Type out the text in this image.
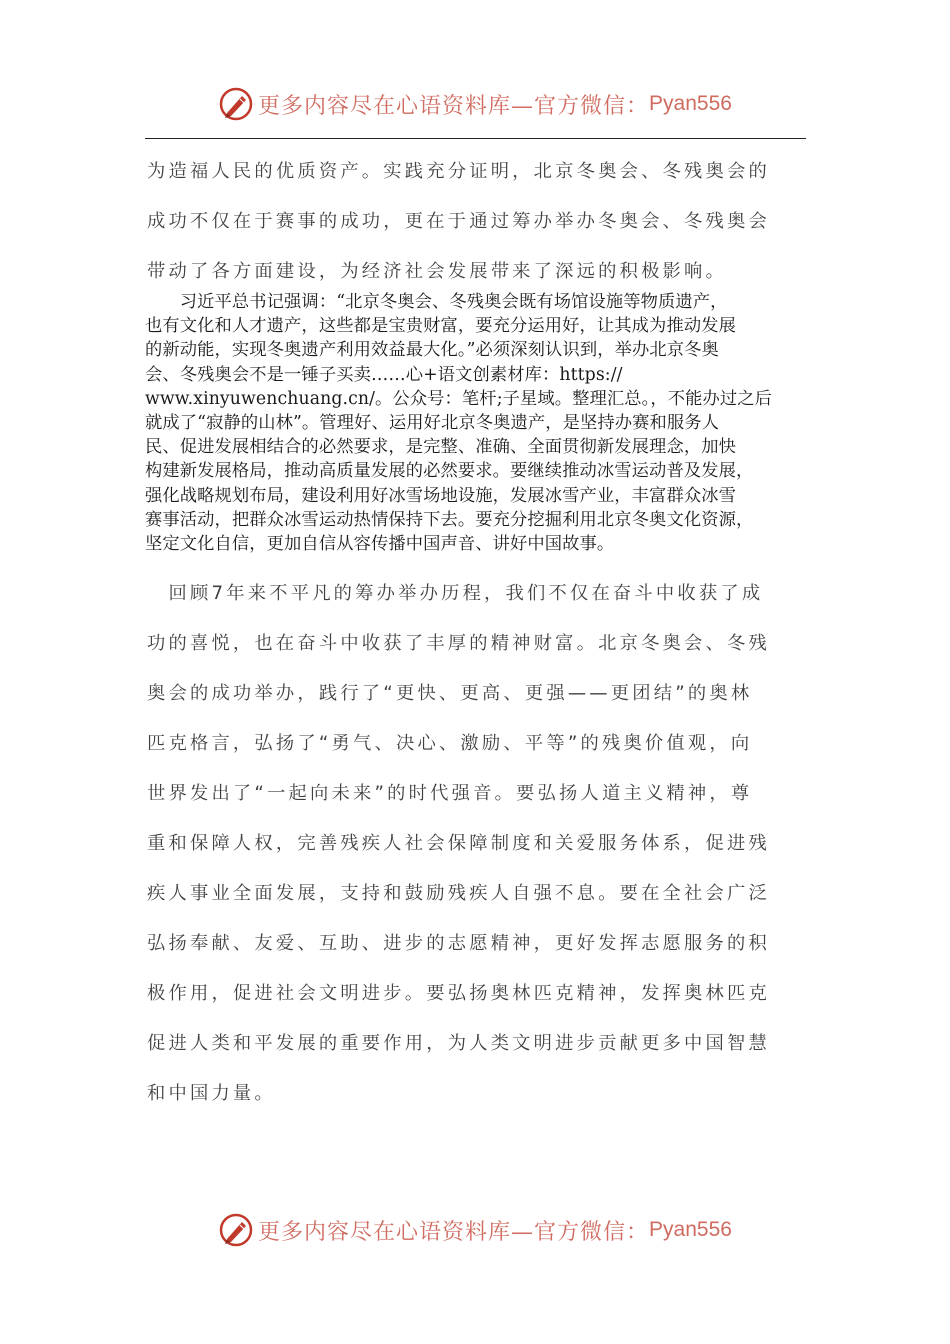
更多内容尽在心语资料库—官方微信： Pyan556
为造福人民的优质资产。实践充分证明，北京冬奥会、冬残奥会的
成功不仅在于赛事的成功，更在于通过筹办举办冬奥会、冬残奥会
带动了各方面建设，为经济社会发展带来了深远的积极影响。
　　习近平总书记强调：“北京冬奥会、冬残奥会既有场馆设施等物质遗产，
也有文化和人才遗产，这些都是宝贵财富，要充分运用好，让其成为推动发展
的新动能，实现冬奥遗产利用效益最大化。”必须深刻认识到，举办北京冬奥
会、冬残奥会不是一锤子买卖……心+语文创素材库：https://
www.xinyuwenchuang.cn/。公众号：笔杆;子星域。整理汇总。，不能办过之后
就成了“寂静的山林”。管理好、运用好北京冬奥遗产，是坚持办赛和服务人
民、促进发展相结合的必然要求，是完整、准确、全面贯彻新发展理念，加快
构建新发展格局，推动高质量发展的必然要求。要继续推动冰雪运动普及发展，
强化战略规划布局，建设利用好冰雪场地设施，发展冰雪产业，丰富群众冰雪
赛事活动，把群众冰雪运动热情保持下去。要充分挖掘利用北京冬奥文化资源，
坚定文化自信，更加自信从容传播中国声音、讲好中国故事。
　回顾7年来不平凡的筹办举办历程，我们不仅在奋斗中收获了成
功的喜悦，也在奋斗中收获了丰厚的精神财富。北京冬奥会、冬残
奥会的成功举办，践行了“更快、更高、更强——更团结”的奥林
匹克格言，弘扬了“勇气、决心、激励、平等”的残奥价值观，向
世界发出了“一起向未来”的时代强音。要弘扬人道主义精神，尊
重和保障人权，完善残疾人社会保障制度和关爱服务体系，促进残
疾人事业全面发展，支持和鼓励残疾人自强不息。要在全社会广泛
弘扬奉献、友爱、互助、进步的志愿精神，更好发挥志愿服务的积
极作用，促进社会文明进步。要弘扬奥林匹克精神，发挥奥林匹克
促进人类和平发展的重要作用，为人类文明进步贡献更多中国智慧
和中国力量。
更多内容尽在心语资料库—官方微信： Pyan556
